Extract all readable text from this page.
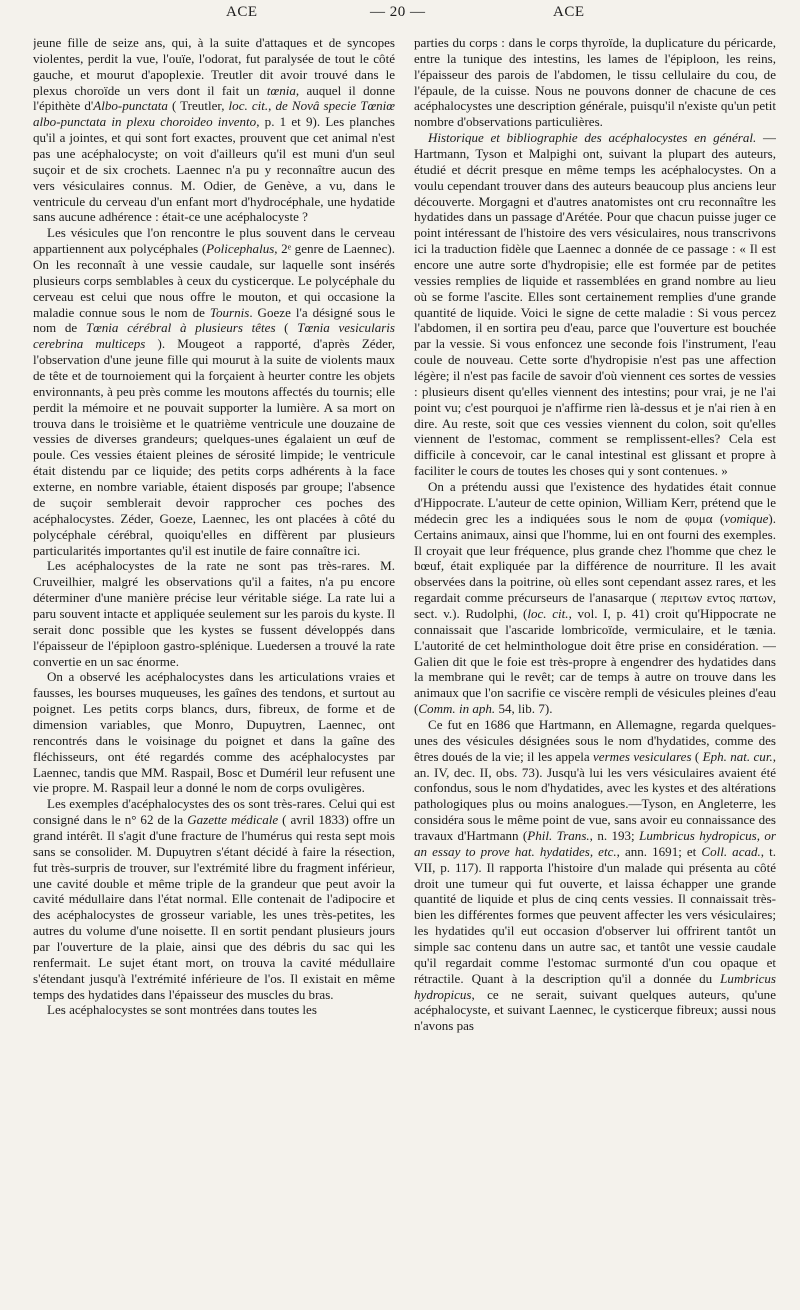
ACE	— 20 —	ACE

jeune fille de seize ans, qui, à la suite d'attaques et de syncopes violentes, perdit la vue, l'ouïe, l'odorat, fut paralysée de tout le côté gauche, et mourut d'apoplexie. Treutler dit avoir trouvé dans le plexus choroïde un vers dont il fait un tœnia, auquel il donne l'épithète d'Albo-punctata ( Treutler, loc. cit., de Novâ specie Tœniœ albo-punctata in plexu choroideo invento, p. 1 et 9). Les planches qu'il a jointes, et qui sont fort exactes, prouvent que cet animal n'est pas une acéphalocyste; on voit d'ailleurs qu'il est muni d'un seul suçoir et de six crochets. Laennec n'a pu y reconnaître aucun des vers vésiculaires connus. M. Odier, de Genève, a vu, dans le ventricule du cerveau d'un enfant mort d'hydrocéphale, une hydatide sans aucune adhérence : était-ce une acéphalocyste ?

Les vésicules que l'on rencontre le plus souvent dans le cerveau appartiennent aux polycéphales (Policephalus, 2ᵉ genre de Laennec). On les reconnaît à une vessie caudale, sur laquelle sont insérés plusieurs corps semblables à ceux du cysticerque. Le polycéphale du cerveau est celui que nous offre le mouton, et qui occasione la maladie connue sous le nom de Tournis. Goeze l'a désigné sous le nom de Tœnia cérébral à plusieurs têtes ( Tœnia vesicularis cerebrina multiceps ). Mougeot a rapporté, d'après Zéder, l'observation d'une jeune fille qui mourut à la suite de violents maux de tête et de tournoiement qui la forçaient à heurter contre les objets environnants, à peu près comme les moutons affectés du tournis; elle perdit la mémoire et ne pouvait supporter la lumière. A sa mort on trouva dans le troisième et le quatrième ventricule une douzaine de vessies de diverses grandeurs; quelques-unes égalaient un œuf de poule. Ces vessies étaient pleines de sérosité limpide; le ventricule était distendu par ce liquide; des petits corps adhérents à la face externe, en nombre variable, étaient disposés par groupe; l'absence de suçoir semblerait devoir rapprocher ces poches des acéphalocystes. Zéder, Goeze, Laennec, les ont placées à côté du polycéphale cérébral, quoiqu'elles en diffèrent par plusieurs particularités importantes qu'il est inutile de faire connaître ici.

Les acéphalocystes de la rate ne sont pas très-rares. M. Cruveilhier, malgré les observations qu'il a faites, n'a pu encore déterminer d'une manière précise leur véritable siége. La rate lui a paru souvent intacte et appliquée seulement sur les parois du kyste. Il serait donc possible que les kystes se fussent développés dans l'épaisseur de l'épiploon gastro-splénique. Luedersen a trouvé la rate convertie en un sac énorme.

On a observé les acéphalocystes dans les articulations vraies et fausses, les bourses muqueuses, les gaînes des tendons, et surtout au poignet. Les petits corps blancs, durs, fibreux, de forme et de dimension variables, que Monro, Dupuytren, Laennec, ont rencontrés dans le voisinage du poignet et dans la gaîne des fléchisseurs, ont été regardés comme des acéphalocystes par Laennec, tandis que MM. Raspail, Bosc et Duméril leur refusent une vie propre. M. Raspail leur a donné le nom de corps ovuligères.

Les exemples d'acéphalocystes des os sont très-rares. Celui qui est consigné dans le n° 62 de la Gazette médicale ( avril 1833) offre un grand intérêt. Il s'agit d'une fracture de l'humérus qui resta sept mois sans se consolider. M. Dupuytren s'étant décidé à faire la résection, fut très-surpris de trouver, sur l'extrémité libre du fragment inférieur, une cavité double et même triple de la grandeur que peut avoir la cavité médullaire dans l'état normal. Elle contenait de l'adipocire et des acéphalocystes de grosseur variable, les unes très-petites, les autres du volume d'une noisette. Il en sortit pendant plusieurs jours par l'ouverture de la plaie, ainsi que des débris du sac qui les renfermait. Le sujet étant mort, on trouva la cavité médullaire s'étendant jusqu'à l'extrémité inférieure de l'os. Il existait en même temps des hydatides dans l'épaisseur des muscles du bras.

Les acéphalocystes se sont montrées dans toutes les

parties du corps : dans le corps thyroïde, la duplicature du péricarde, entre la tunique des intestins, les lames de l'épiploon, les reins, l'épaisseur des parois de l'abdomen, le tissu cellulaire du cou, de l'épaule, de la cuisse. Nous ne pouvons donner de chacune de ces acéphalocystes une description générale, puisqu'il n'existe qu'un petit nombre d'observations particulières.

Historique et bibliographie des acéphalocystes en général. — Hartmann, Tyson et Malpighi ont, suivant la plupart des auteurs, étudié et décrit presque en même temps les acéphalocystes. On a voulu cependant trouver dans des auteurs beaucoup plus anciens leur découverte. Morgagni et d'autres anatomistes ont cru reconnaître les hydatides dans un passage d'Arétée. Pour que chacun puisse juger ce point intéressant de l'histoire des vers vésiculaires, nous transcrivons ici la traduction fidèle que Laennec a donnée de ce passage : « Il est encore une autre sorte d'hydropisie; elle est formée par de petites vessies remplies de liquide et rassemblées en grand nombre au lieu où se forme l'ascite. Elles sont certainement remplies d'une grande quantité de liquide. Voici le signe de cette maladie : Si vous percez l'abdomen, il en sortira peu d'eau, parce que l'ouverture est bouchée par la vessie. Si vous enfoncez une seconde fois l'instrument, l'eau coule de nouveau. Cette sorte d'hydropisie n'est pas une affection légère; il n'est pas facile de savoir d'où viennent ces sortes de vessies : plusieurs disent qu'elles viennent des intestins; pour vrai, je ne l'ai point vu; c'est pourquoi je n'affirme rien là-dessus et je n'ai rien à en dire. Au reste, soit que ces vessies viennent du colon, soit qu'elles viennent de l'estomac, comment se remplissent-elles? Cela est difficile à concevoir, car le canal intestinal est glissant et propre à faciliter le cours de toutes les choses qui y sont contenues. »

On a prétendu aussi que l'existence des hydatides était connue d'Hippocrate. L'auteur de cette opinion, William Kerr, prétend que le médecin grec les a indiquées sous le nom de φυμα (vomique). Certains animaux, ainsi que l'homme, lui en ont fourni des exemples. Il croyait que leur fréquence, plus grande chez l'homme que chez le bœuf, était expliquée par la différence de nourriture. Il les avait observées dans la poitrine, où elles sont cependant assez rares, et les regardait comme précurseurs de l'anasarque ( περιτων εντος πατων, sect. v.). Rudolphi, (loc. cit., vol. I, p. 41) croit qu'Hippocrate ne connaissait que l'ascaride lombricoïde, vermiculaire, et le tænia. L'autorité de cet helminthologue doit être prise en considération. — Galien dit que le foie est très-propre à engendrer des hydatides dans la membrane qui le revêt; car de temps à autre on trouve dans les animaux que l'on sacrifie ce viscère rempli de vésicules pleines d'eau (Comm. in aph. 54, lib. 7).

Ce fut en 1686 que Hartmann, en Allemagne, regarda quelques-unes des vésicules désignées sous le nom d'hydatides, comme des êtres doués de la vie; il les appela vermes vesiculares ( Eph. nat. cur., an. IV, dec. II, obs. 73). Jusqu'à lui les vers vésiculaires avaient été confondus, sous le nom d'hydatides, avec les kystes et des altérations pathologiques plus ou moins analogues.—Tyson, en Angleterre, les considéra sous le même point de vue, sans avoir eu connaissance des travaux d'Hartmann (Phil. Trans., n. 193; Lumbricus hydropicus, or an essay to prove hat. hydatides, etc., ann. 1691; et Coll. acad., t. VII, p. 117). Il rapporta l'histoire d'un malade qui présenta au côté droit une tumeur qui fut ouverte, et laissa échapper une grande quantité de liquide et plus de cinq cents vessies. Il connaissait très-bien les différentes formes que peuvent affecter les vers vésiculaires; les hydatides qu'il eut occasion d'observer lui offrirent tantôt un simple sac contenu dans un autre sac, et tantôt une vessie caudale qu'il regardait comme l'estomac surmonté d'un cou opaque et rétractile. Quant à la description qu'il a donnée du Lumbricus hydropicus, ce ne serait, suivant quelques auteurs, qu'une acéphalocyste, et suivant Laennec, le cysticerque fibreux; aussi nous n'avons pas
